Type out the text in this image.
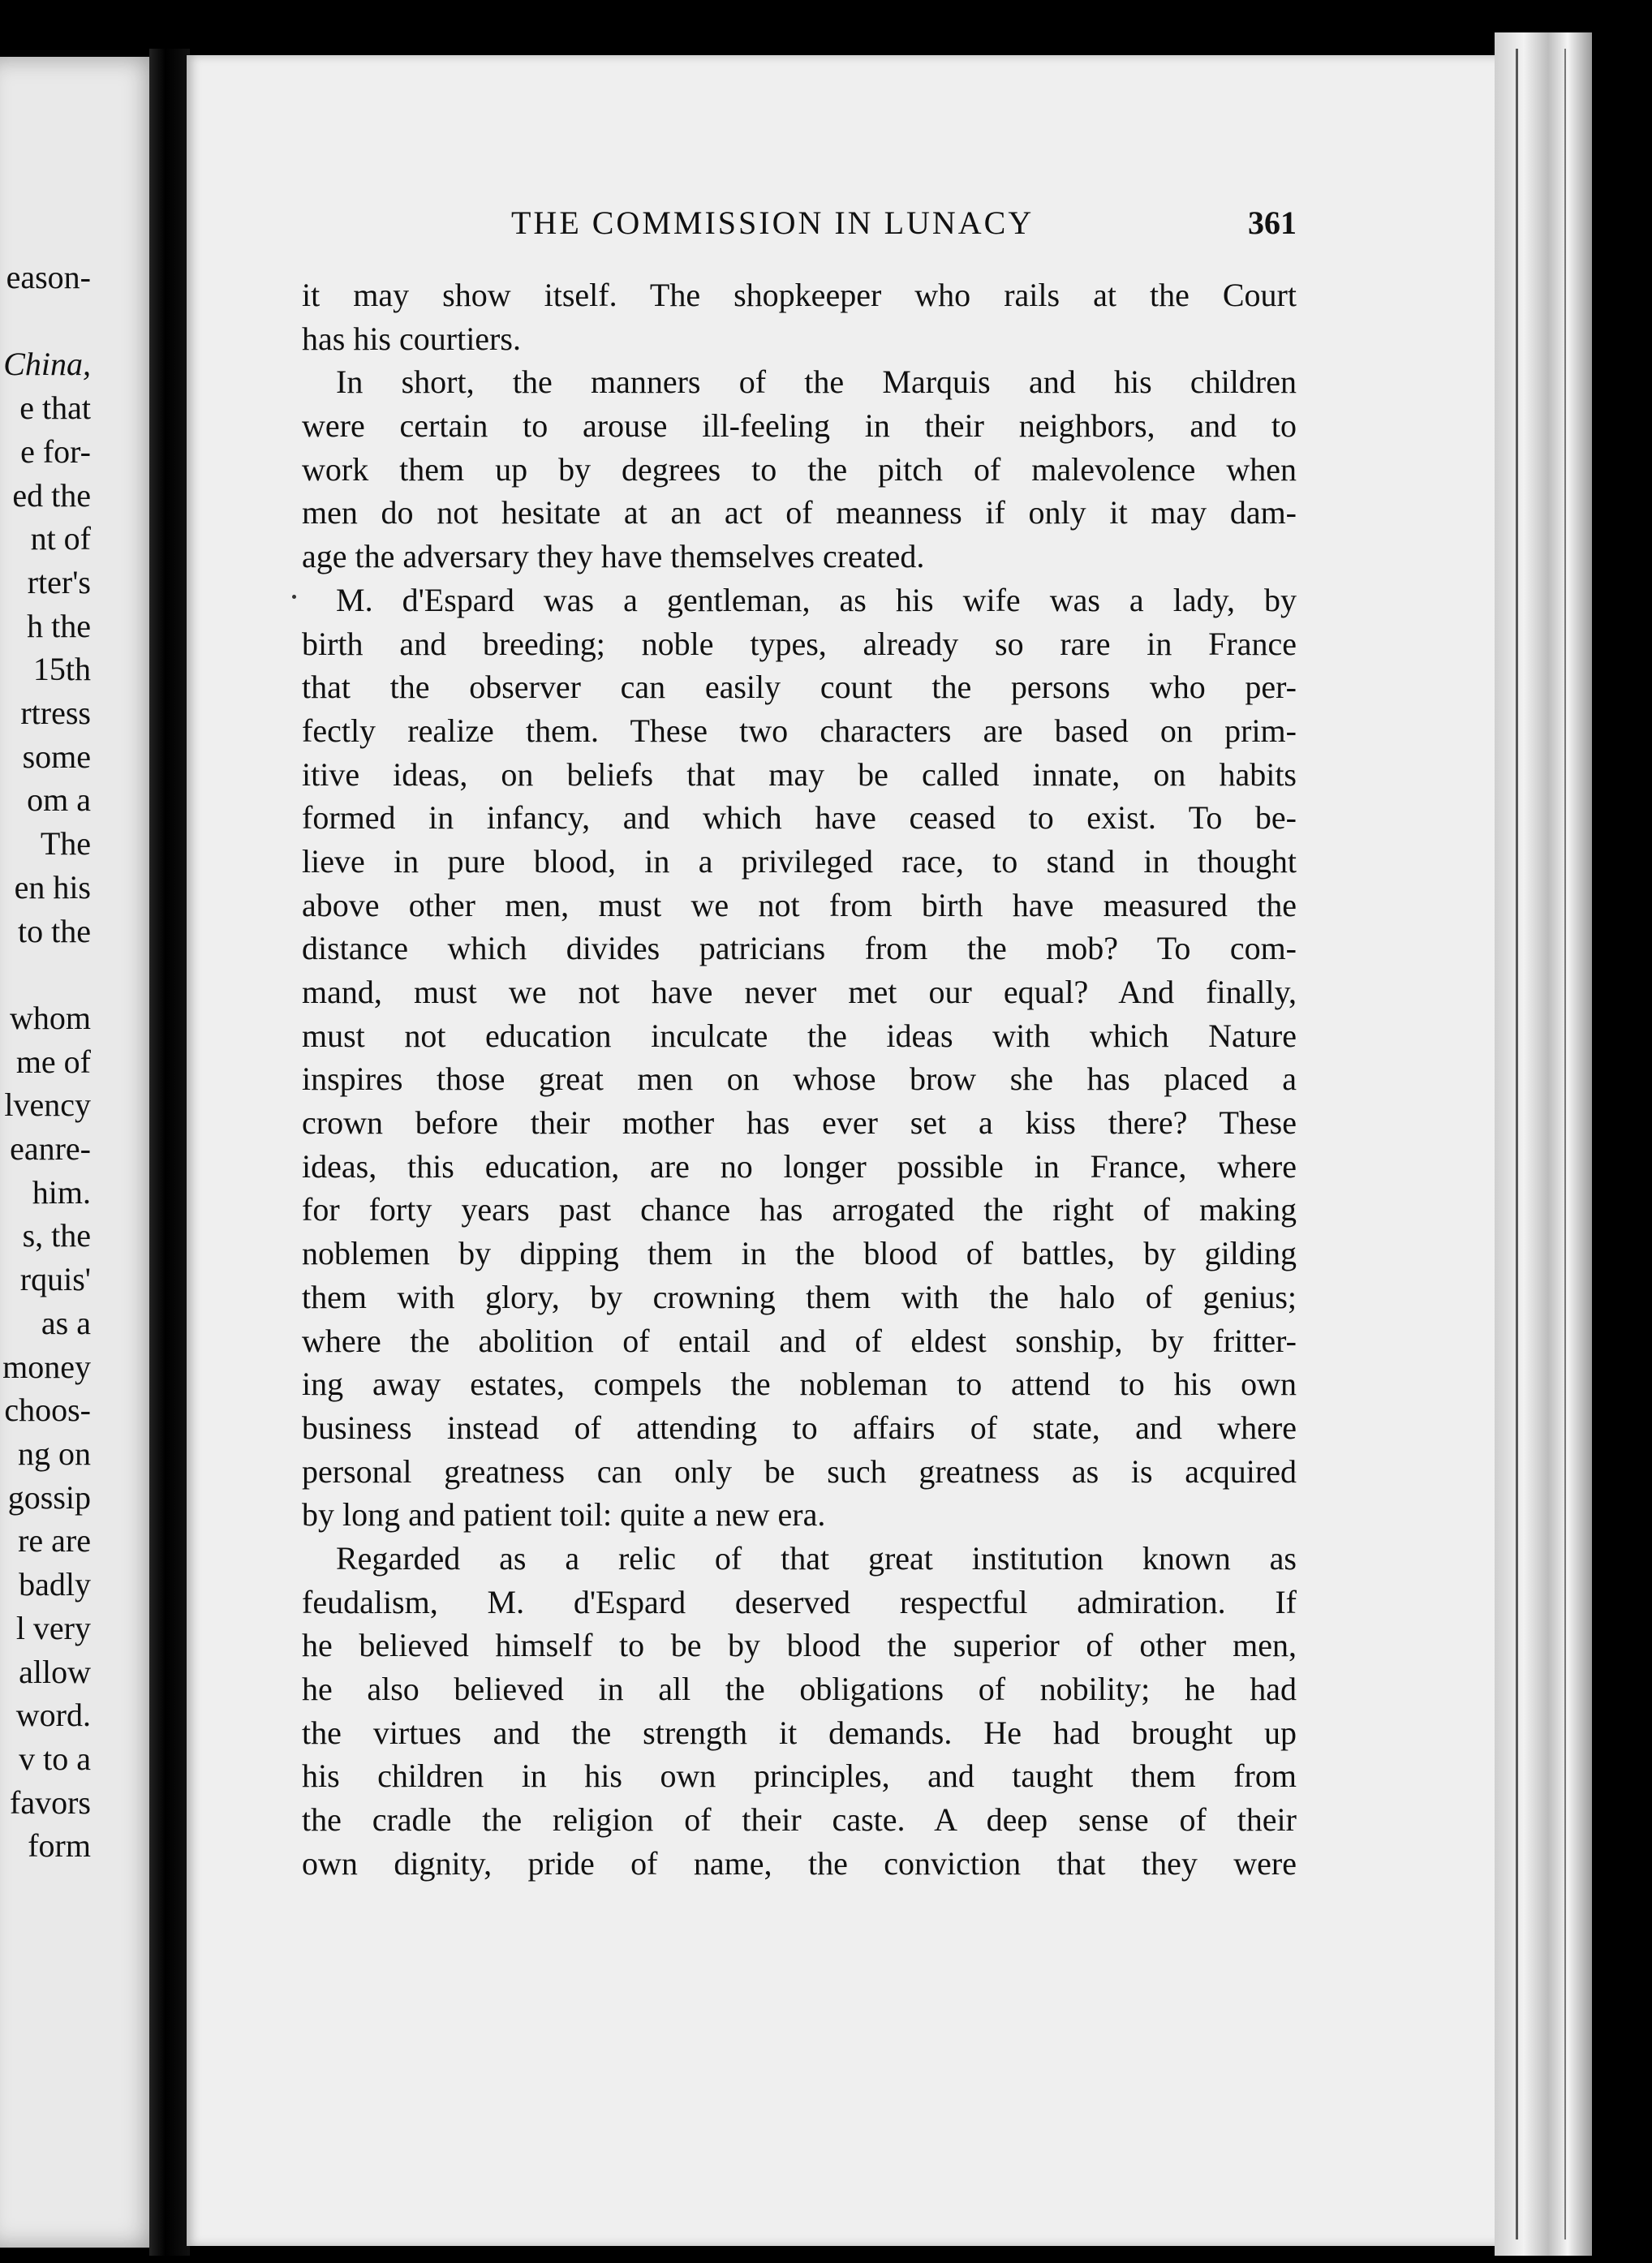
eason-

China,
e that
e for-
ed the
nt of
rter's
h the
15th
rtress
some
om a
The
en his
to the

whom
me of
lvency
eanre-
him.
s, the
rquis'
as a
money
choos-
ng on
gossip
re are
badly
l very
allow
word.
v to a
favors
form
THE COMMISSION IN LUNACY	361
it may show itself. The shopkeeper who rails at the Court
has his courtiers.
In short, the manners of the Marquis and his children
were certain to arouse ill-feeling in their neighbors, and to
work them up by degrees to the pitch of malevolence when
men do not hesitate at an act of meanness if only it may dam-
age the adversary they have themselves created.
M. d'Espard was a gentleman, as his wife was a lady, by
birth and breeding; noble types, already so rare in France
that the observer can easily count the persons who per-
fectly realize them. These two characters are based on prim-
itive ideas, on beliefs that may be called innate, on habits
formed in infancy, and which have ceased to exist. To be-
lieve in pure blood, in a privileged race, to stand in thought
above other men, must we not from birth have measured the
distance which divides patricians from the mob? To com-
mand, must we not have never met our equal? And finally,
must not education inculcate the ideas with which Nature
inspires those great men on whose brow she has placed a
crown before their mother has ever set a kiss there? These
ideas, this education, are no longer possible in France, where
for forty years past chance has arrogated the right of making
noblemen by dipping them in the blood of battles, by gilding
them with glory, by crowning them with the halo of genius;
where the abolition of entail and of eldest sonship, by fritter-
ing away estates, compels the nobleman to attend to his own
business instead of attending to affairs of state, and where
personal greatness can only be such greatness as is acquired
by long and patient toil: quite a new era.
Regarded as a relic of that great institution known as
feudalism, M. d'Espard deserved respectful admiration. If
he believed himself to be by blood the superior of other men,
he also believed in all the obligations of nobility; he had
the virtues and the strength it demands. He had brought up
his children in his own principles, and taught them from
the cradle the religion of their caste. A deep sense of their
own dignity, pride of name, the conviction that they were
